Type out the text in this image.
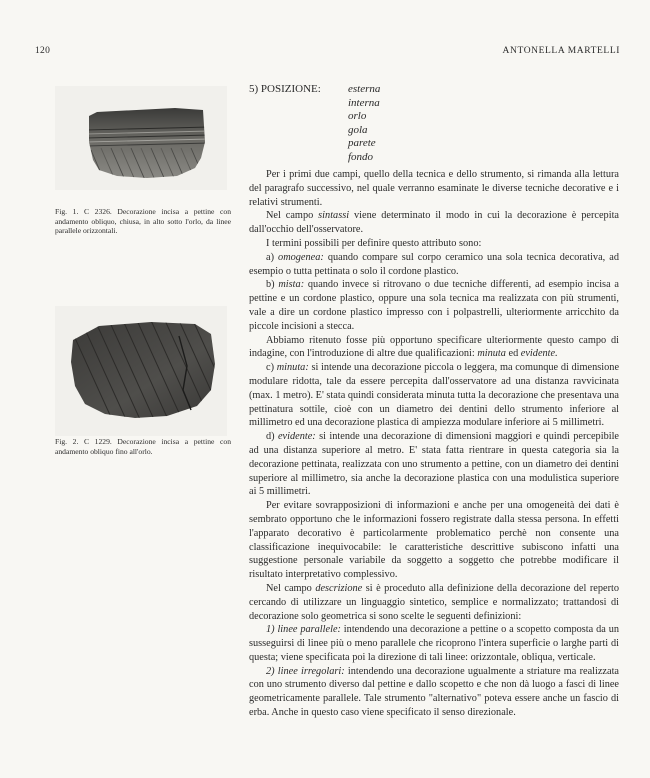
120	ANTONELLA MARTELLI
Fig. 1. C 2326. Decorazione incisa a pettine con andamento obliquo, chiusa, in alto sotto l'orlo, da linee parallele orizzontali.
Fig. 2. C 1229. Decorazione incisa a pettine con andamento obliquo fino all'orlo.
5) POSIZIONE: esterna
interna
orlo
gola
parete
fondo

Per i primi due campi, quello della tecnica e dello strumento, si rimanda alla lettura del paragrafo successivo, nel quale verranno esaminate le diverse tecniche decorative e i relativi strumenti.

Nel campo sintassi viene determinato il modo in cui la decorazione è percepita dall'occhio dell'osservatore.

I termini possibili per definire questo attributo sono:

a) omogenea: quando compare sul corpo ceramico una sola tecnica decorativa, ad esempio o tutta pettinata o solo il cordone plastico.

b) mista: quando invece si ritrovano o due tecniche differenti, ad esempio incisa a pettine e un cordone plastico, oppure una sola tecnica ma realizzata con più strumenti, vale a dire un cordone plastico impresso con i polpastrelli, ulteriormente arricchito da piccole incisioni a stecca.

Abbiamo ritenuto fosse più opportuno specificare ulteriormente questo campo di indagine, con l'introduzione di altre due qualificazioni: minuta ed evidente.

c) minuta: si intende una decorazione piccola o leggera, ma comunque di dimensione modulare ridotta, tale da essere percepita dall'osservatore ad una distanza ravvicinata (max. 1 metro). E' stata quindi considerata minuta tutta la decorazione che presentava una pettinatura sottile, cioè con un diametro dei dentini dello strumento inferiore al millimetro ed una decorazione plastica di ampiezza modulare inferiore ai 5 millimetri.

d) evidente: si intende una decorazione di dimensioni maggiori e quindi percepibile ad una distanza superiore al metro. E' stata fatta rientrare in questa categoria sia la decorazione pettinata, realizzata con uno strumento a pettine, con un diametro dei dentini superiore al millimetro, sia anche la decorazione plastica con una modulistica superiore ai 5 millimetri.

Per evitare sovrapposizioni di informazioni e anche per una omogeneità dei dati è sembrato opportuno che le informazioni fossero registrate dalla stessa persona. In effetti l'apparato decorativo è particolarmente problematico perchè non consente una classificazione inequivocabile: le caratteristiche descrittive subiscono infatti una suggestione personale variabile da soggetto a soggetto che potrebbe modificare il risultato interpretativo complessivo.

Nel campo descrizione si è proceduto alla definizione della decorazione del reperto cercando di utilizzare un linguaggio sintetico, semplice e normalizzato; trattandosi di decorazione solo geometrica si sono scelte le seguenti definizioni:

1) linee parallele: intendendo una decorazione a pettine o a scopetto composta da un susseguirsi di linee più o meno parallele che ricoprono l'intera superficie o larghe parti di questa; viene specificata poi la direzione di tali linee: orizzontale, obliqua, verticale.

2) linee irregolari: intendendo una decorazione ugualmente a striature ma realizzata con uno strumento diverso dal pettine e dallo scopetto e che non dà luogo a fasci di linee geometricamente parallele. Tale strumento "alternativo" poteva essere anche un fascio di erba. Anche in questo caso viene specificato il senso direzionale.
